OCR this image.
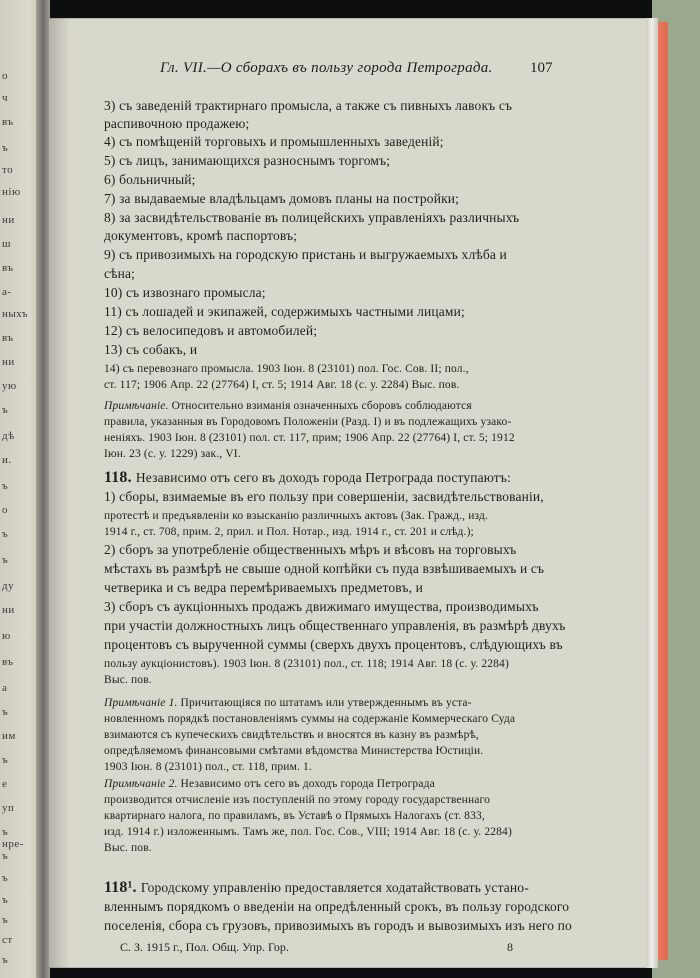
о
ч
въ
ъ
то
нію
ни
ш
въ
а-
ныхъ
въ
ни
ую
ъ
дѣ
и.
ъ
о
ъ
ъ
ду
ни
ю
въ
а
ъ
им
ъ
е
уп
ъ
ъ
ъ
ъ
ъ
ст
ъ
нре-
Гл. VII.—О сборахъ въ пользу города Петрограда.	107
3) съ заведеній трактирнаго промысла, а также съ пивныхъ лавокъ съ
распивочною продажею;
4) съ помѣщеній торговыхъ и промышленныхъ заведеній;
5) съ лицъ, занимающихся разноснымъ торгомъ;
6) больничный;
7) за выдаваемые владѣльцамъ домовъ планы на постройки;
8) за засвидѣтельствованіе въ полицейскихъ управленіяхъ различныхъ
документовъ, кромѣ паспортовъ;
9) съ привозимыхъ на городскую пристань и выгружаемыхъ хлѣба и
сѣна;
10) съ извознаго промысла;
11) съ лошадей и экипажей, содержимыхъ частными лицами;
12) съ велосипедовъ и автомобилей;
13) съ собакъ, и
14) съ перевознаго промысла. 1903 Іюн. 8 (23101) пол. Гос. Сов. II; пол.,
ст. 117; 1906 Апр. 22 (27764) I, ст. 5; 1914 Авг. 18 (с. у. 2284) Выс. пов.
Примѣчаніе. Относительно взиманія означенныхъ сборовъ соблюдаются
правила, указанныя въ Городовомъ Положеніи (Разд. I) и въ подлежащихъ узако-
неніяхъ. 1903 Іюн. 8 (23101) пол. ст. 117, прим; 1906 Апр. 22 (27764) I, ст. 5; 1912
Іюн. 23 (с. у. 1229) зак., VI.
118. Независимо отъ сего въ доходъ города Петрограда поступаютъ:
1) сборы, взимаемые въ его пользу при совершеніи, засвидѣтельствованіи,
протестѣ и предъявленіи ко взысканію различныхъ актовъ (Зак. Гражд., изд.
1914 г., ст. 708, прим. 2, прил. и Пол. Нотар., изд. 1914 г., ст. 201 и слѣд.);
2) сборъ за употребленіе общественныхъ мѣръ и вѣсовъ на торговыхъ
мѣстахъ въ размѣрѣ не свыше одной копѣйки съ пуда взвѣшиваемыхъ и съ
четверика и съ ведра перемѣриваемыхъ предметовъ, и
3) сборъ съ аукціонныхъ продажъ движимаго имущества, производимыхъ
при участіи должностныхъ лицъ общественнаго управленія, въ размѣрѣ двухъ
процентовъ съ вырученной суммы (сверхъ двухъ процентовъ, слѣдующихъ въ
пользу аукціонистовъ). 1903 Іюн. 8 (23101) пол., ст. 118; 1914 Авг. 18 (с. у. 2284)
Выс. пов.
Примѣчаніе 1. Причитающіяся по штатамъ или утвержденнымъ въ уста-
новленномъ порядкѣ постановленіямъ суммы на содержаніе Коммерческаго Суда
взимаются съ купеческихъ свидѣтельствъ и вносятся въ казну въ размѣрѣ,
опредѣляемомъ финансовыми смѣтами вѣдомства Министерства Юстиціи.
1903 Іюн. 8 (23101) пол., ст. 118, прим. 1.
Примѣчаніе 2. Независимо отъ сего въ доходъ города Петрограда
производится отчисленіе изъ поступленій по этому городу государственнаго
квартирнаго налога, по правиламъ, въ Уставѣ о Прямыхъ Налогахъ (ст. 833,
изд. 1914 г.) изложеннымъ. Тамъ же, пол. Гос. Сов., VIII; 1914 Авг. 18 (с. у. 2284)
Выс. пов.
118¹. Городскому управленію предоставляется ходатайствовать устано-
вленнымъ порядкомъ о введеніи на опредѣленный срокъ, въ пользу городского
поселенія, сбора съ грузовъ, привозимыхъ въ городъ и вывозимыхъ изъ него по
С. З. 1915 г., Пол. Общ. Упр. Гор.	8
